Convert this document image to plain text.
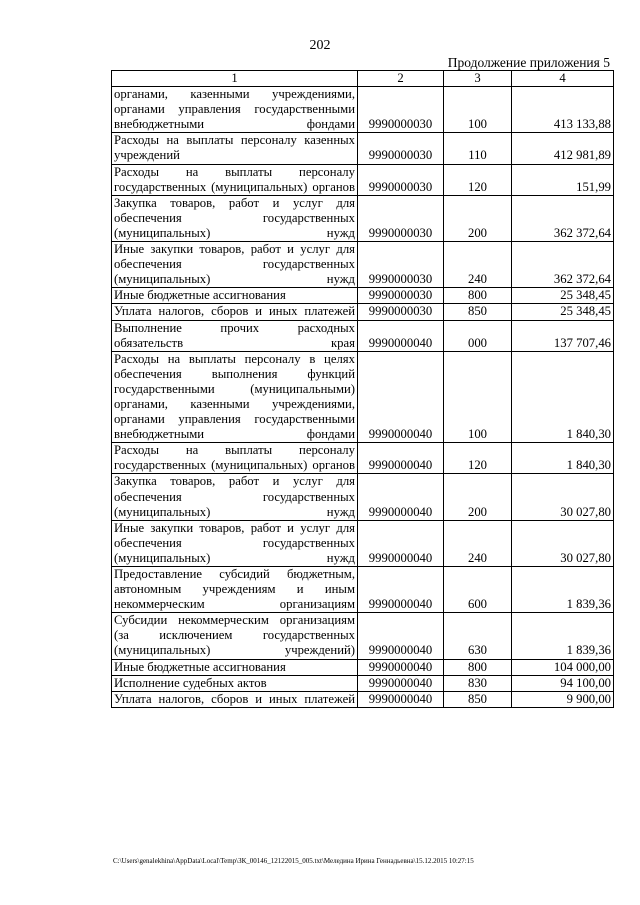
202
Продолжение приложения 5
1	2	3	4
органами, казенными учреждениями, органами управления государственными внебюджетными фондами	9990000030	100	413 133,88
Расходы на выплаты персоналу казенных учреждений	9990000030	110	412 981,89
Расходы на выплаты персоналу государственных (муниципальных) органов	9990000030	120	151,99
Закупка товаров, работ и услуг для обеспечения государственных (муниципальных) нужд	9990000030	200	362 372,64
Иные закупки товаров, работ и услуг для обеспечения государственных (муниципальных) нужд	9990000030	240	362 372,64
Иные бюджетные ассигнования	9990000030	800	25 348,45
Уплата налогов, сборов и иных платежей	9990000030	850	25 348,45
Выполнение прочих расходных обязательств края	9990000040	000	137 707,46
Расходы на выплаты персоналу в целях обеспечения выполнения функций государственными (муниципальными) органами, казенными учреждениями, органами управления государственными внебюджетными фондами	9990000040	100	1 840,30
Расходы на выплаты персоналу государственных (муниципальных) органов	9990000040	120	1 840,30
Закупка товаров, работ и услуг для обеспечения государственных (муниципальных) нужд	9990000040	200	30 027,80
Иные закупки товаров, работ и услуг для обеспечения государственных (муниципальных) нужд	9990000040	240	30 027,80
Предоставление субсидий бюджетным, автономным учреждениям и иным некоммерческим организациям	9990000040	600	1 839,36
Субсидии некоммерческим организациям (за исключением государственных (муниципальных) учреждений)	9990000040	630	1 839,36
Иные бюджетные ассигнования	9990000040	800	104 000,00
Исполнение судебных актов	9990000040	830	94 100,00
Уплата налогов, сборов и иных платежей	9990000040	850	9 900,00
C:\Users\genalekhina\AppData\Local\Temp\ЗК_00146_12122015_005.txt\Меледина Ирина Геннадьевна\15.12.2015 10:27:15
